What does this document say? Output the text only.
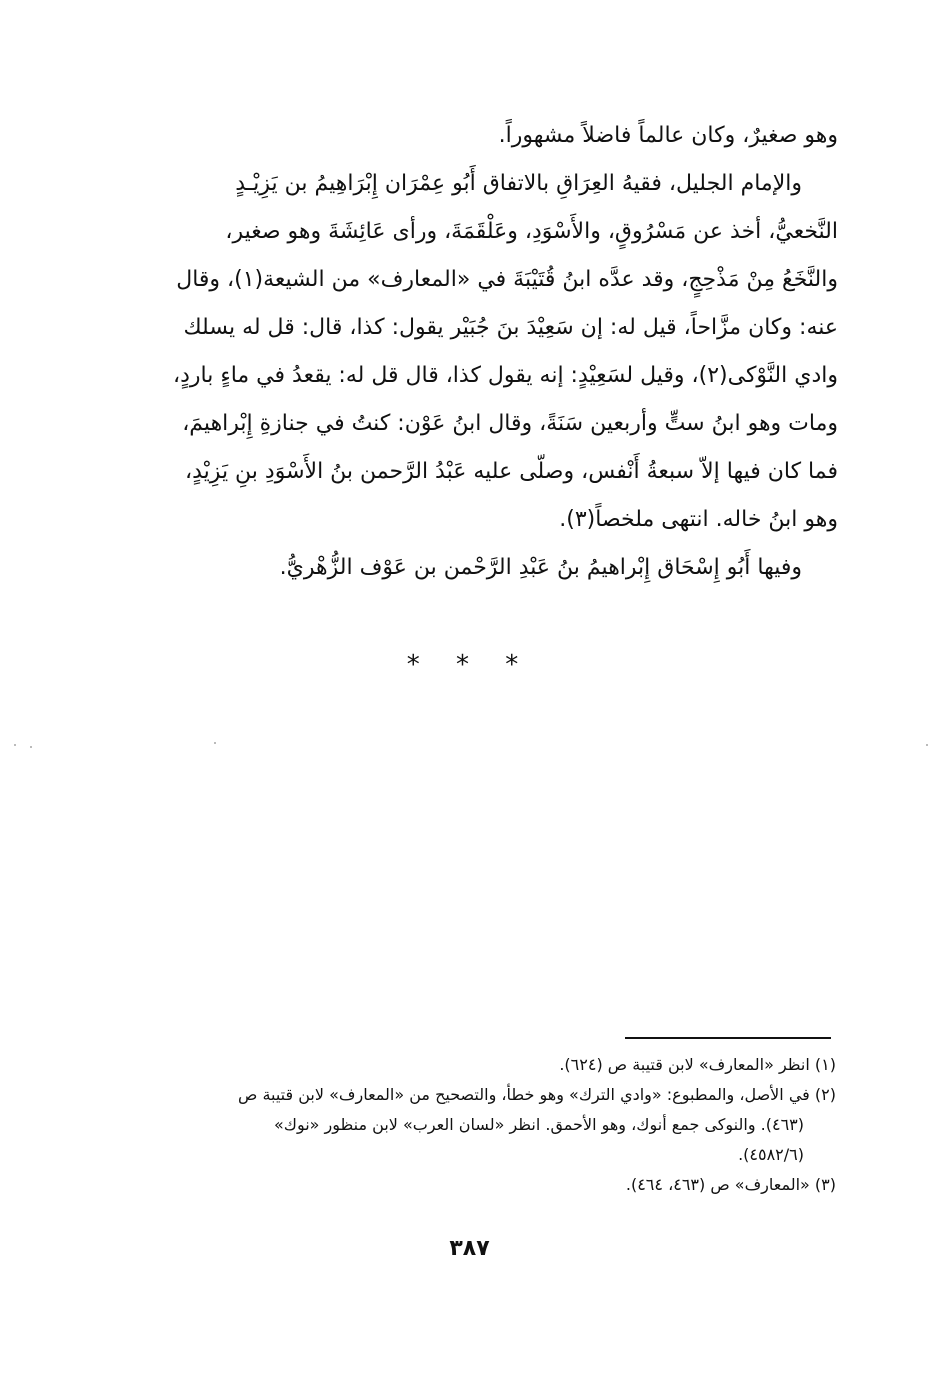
وهو صغيرٌ، وكان عالماً فاضلاً مشهوراً.
والإمام الجليل، فقيهُ العِرَاقِ بالاتفاق أَبُو عِمْرَان إِبْرَاهِيمُ بن يَزِيْـدٍ
النَّخعيُّ، أخذ عن مَسْرُوقٍ، والأَسْوَدِ، وعَلْقَمَةَ، ورأى عَائِشَةَ وهو صغير،
والنَّخَعُ مِنْ مَذْحِجٍ، وقد عدَّه ابنُ قُتَيْبَةَ في «المعارف» من الشيعة(١)، وقال
عنه: وكان مزَّاحاً، قيل له: إن سَعِيْدَ بنَ جُبَيْر يقول: كذا، قال: قل له يسلك
وادي النَّوْكى(٢)، وقيل لسَعِيْدٍ: إنه يقول كذا، قال قل له: يقعدُ في ماءٍ باردٍ،
ومات وهو ابنُ ستٍّ وأربعين سَنَةً، وقال ابنُ عَوْن: كنتُ في جنازةِ إِبْراهيمَ،
فما كان فيها إلاّ سبعةُ أَنْفس، وصلّى عليه عَبْدُ الرَّحمن بنُ الأَسْوَدِ بنِ يَزِيْدٍ،
وهو ابنُ خاله. انتهى ملخصاً(٣).
وفيها أَبُو إِسْحَاق إِبْراهيمُ بنُ عَبْدِ الرَّحْمن بن عَوْف الزُّهْريُّ.
* * *
(١) انظر «المعارف» لابن قتيبة ص (٦٢٤).
(٢) في الأصل، والمطبوع: «وادي الترك» وهو خطأ، والتصحيح من «المعارف» لابن قتيبة ص
(٤٦٣). والنوكى جمع أنوك، وهو الأحمق. انظر «لسان العرب» لابن منظور «نوك»
(٤٥٨٢/٦).
(٣) «المعارف» ص (٤٦٣، ٤٦٤).
٣٨٧
